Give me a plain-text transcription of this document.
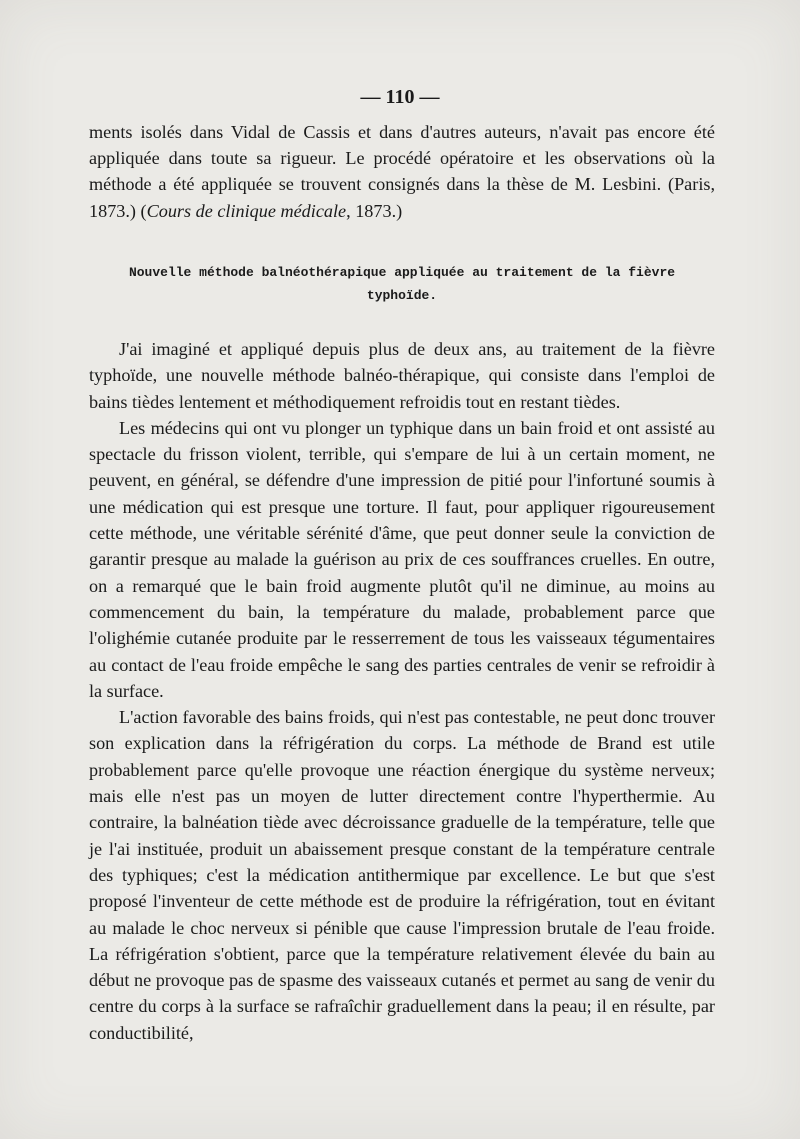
— 110 —

ments isolés dans Vidal de Cassis et dans d'autres auteurs, n'avait pas encore été appliquée dans toute sa rigueur. Le procédé opératoire et les observations où la méthode a été appliquée se trouvent consignés dans la thèse de M. Lesbini. (Paris, 1873.) (Cours de clinique médicale, 1873.)

Nouvelle méthode balnéothérapique appliquée au traitement de la fièvre typhoïde.

J'ai imaginé et appliqué depuis plus de deux ans, au traitement de la fièvre typhoïde, une nouvelle méthode balnéo-thérapique, qui consiste dans l'emploi de bains tièdes lentement et méthodiquement refroidis tout en restant tièdes.

Les médecins qui ont vu plonger un typhique dans un bain froid et ont assisté au spectacle du frisson violent, terrible, qui s'empare de lui à un certain moment, ne peuvent, en général, se défendre d'une impression de pitié pour l'infortuné soumis à une médication qui est presque une torture. Il faut, pour appliquer rigoureusement cette méthode, une véritable sérénité d'âme, que peut donner seule la conviction de garantir presque au malade la guérison au prix de ces souffrances cruelles. En outre, on a remarqué que le bain froid augmente plutôt qu'il ne diminue, au moins au commencement du bain, la température du malade, probablement parce que l'olighémie cutanée produite par le resserrement de tous les vaisseaux tégumentaires au contact de l'eau froide empêche le sang des parties centrales de venir se refroidir à la surface.

L'action favorable des bains froids, qui n'est pas contestable, ne peut donc trouver son explication dans la réfrigération du corps. La méthode de Brand est utile probablement parce qu'elle provoque une réaction énergique du système nerveux; mais elle n'est pas un moyen de lutter directement contre l'hyperthermie. Au contraire, la balnéation tiède avec décroissance graduelle de la température, telle que je l'ai instituée, produit un abaissement presque constant de la température centrale des typhiques; c'est la médication antithermique par excellence. Le but que s'est proposé l'inventeur de cette méthode est de produire la réfrigération, tout en évitant au malade le choc nerveux si pénible que cause l'impression brutale de l'eau froide. La réfrigération s'obtient, parce que la température relativement élevée du bain au début ne provoque pas de spasme des vaisseaux cutanés et permet au sang de venir du centre du corps à la surface se rafraîchir graduellement dans la peau; il en résulte, par conductibilité,
